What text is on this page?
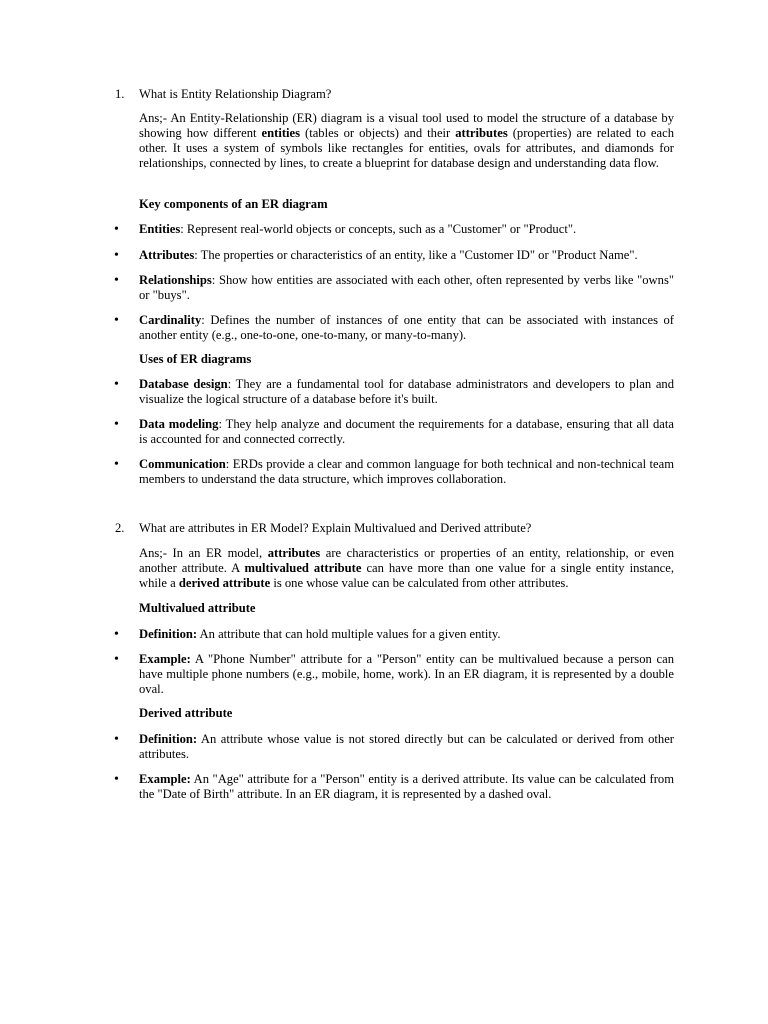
1. What is Entity Relationship Diagram?
Ans;- An Entity-Relationship (ER) diagram is a visual tool used to model the structure of a database by showing how different entities (tables or objects) and their attributes (properties) are related to each other. It uses a system of symbols like rectangles for entities, ovals for attributes, and diamonds for relationships, connected by lines, to create a blueprint for database design and understanding data flow.
Key components of an ER diagram
• Entities: Represent real-world objects or concepts, such as a "Customer" or "Product".
• Attributes: The properties or characteristics of an entity, like a "Customer ID" or "Product Name".
• Relationships: Show how entities are associated with each other, often represented by verbs like "owns" or "buys".
• Cardinality: Defines the number of instances of one entity that can be associated with instances of another entity (e.g., one-to-one, one-to-many, or many-to-many).
Uses of ER diagrams
• Database design: They are a fundamental tool for database administrators and developers to plan and visualize the logical structure of a database before it's built.
• Data modeling: They help analyze and document the requirements for a database, ensuring that all data is accounted for and connected correctly.
• Communication: ERDs provide a clear and common language for both technical and non-technical team members to understand the data structure, which improves collaboration.
2. What are attributes in ER Model? Explain Multivalued and Derived attribute?
Ans;- In an ER model, attributes are characteristics or properties of an entity, relationship, or even another attribute. A multivalued attribute can have more than one value for a single entity instance, while a derived attribute is one whose value can be calculated from other attributes.
Multivalued attribute
• Definition: An attribute that can hold multiple values for a given entity.
• Example: A "Phone Number" attribute for a "Person" entity can be multivalued because a person can have multiple phone numbers (e.g., mobile, home, work). In an ER diagram, it is represented by a double oval.
Derived attribute
• Definition: An attribute whose value is not stored directly but can be calculated or derived from other attributes.
• Example: An "Age" attribute for a "Person" entity is a derived attribute. Its value can be calculated from the "Date of Birth" attribute. In an ER diagram, it is represented by a dashed oval.
